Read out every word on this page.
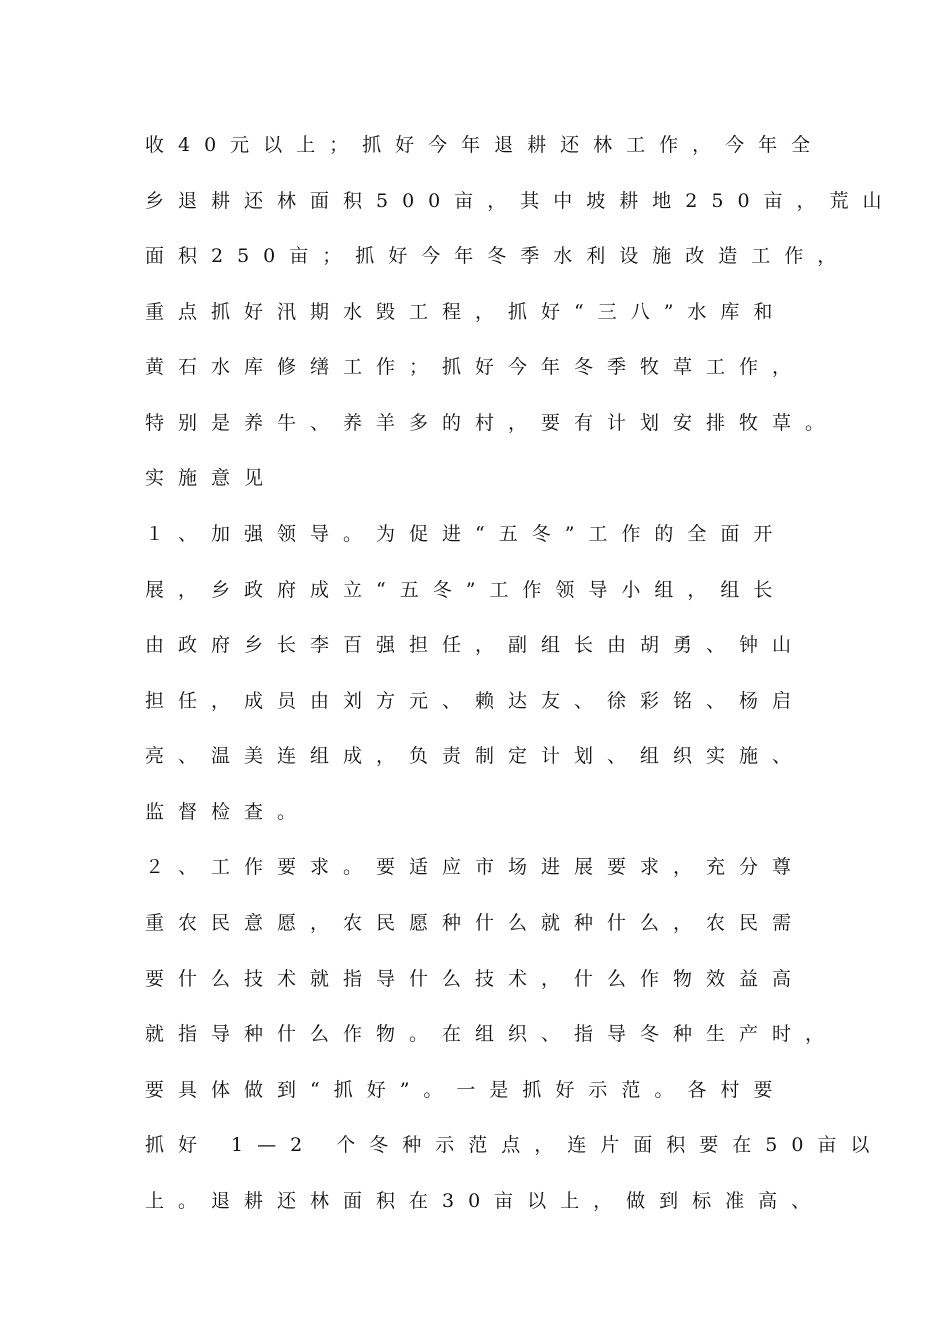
收40元以上；抓好今年退耕还林工作，今年全
乡退耕还林面积500亩，其中坡耕地250亩，荒山
面积250亩；抓好今年冬季水利设施改造工作，
重点抓好汛期水毁工程，抓好“三八”水库和
黄石水库修缮工作；抓好今年冬季牧草工作，
特别是养牛、养羊多的村，要有计划安排牧草。
实施意见
１、加强领导。为促进“五冬”工作的全面开
展，乡政府成立“五冬”工作领导小组，组长
由政府乡长李百强担任，副组长由胡勇、钟山
担任，成员由刘方元、赖达友、徐彩铭、杨启
亮、温美连组成，负责制定计划、组织实施、
监督检查。
２、工作要求。要适应市场进展要求，充分尊
重农民意愿，农民愿种什么就种什么，农民需
要什么技术就指导什么技术，什么作物效益高
就指导种什么作物。在组织、指导冬种生产时，
要具体做到“抓好”。一是抓好示范。各村要
抓好 1—2 个冬种示范点，连片面积要在50亩以
上。退耕还林面积在30亩以上，做到标准高、
